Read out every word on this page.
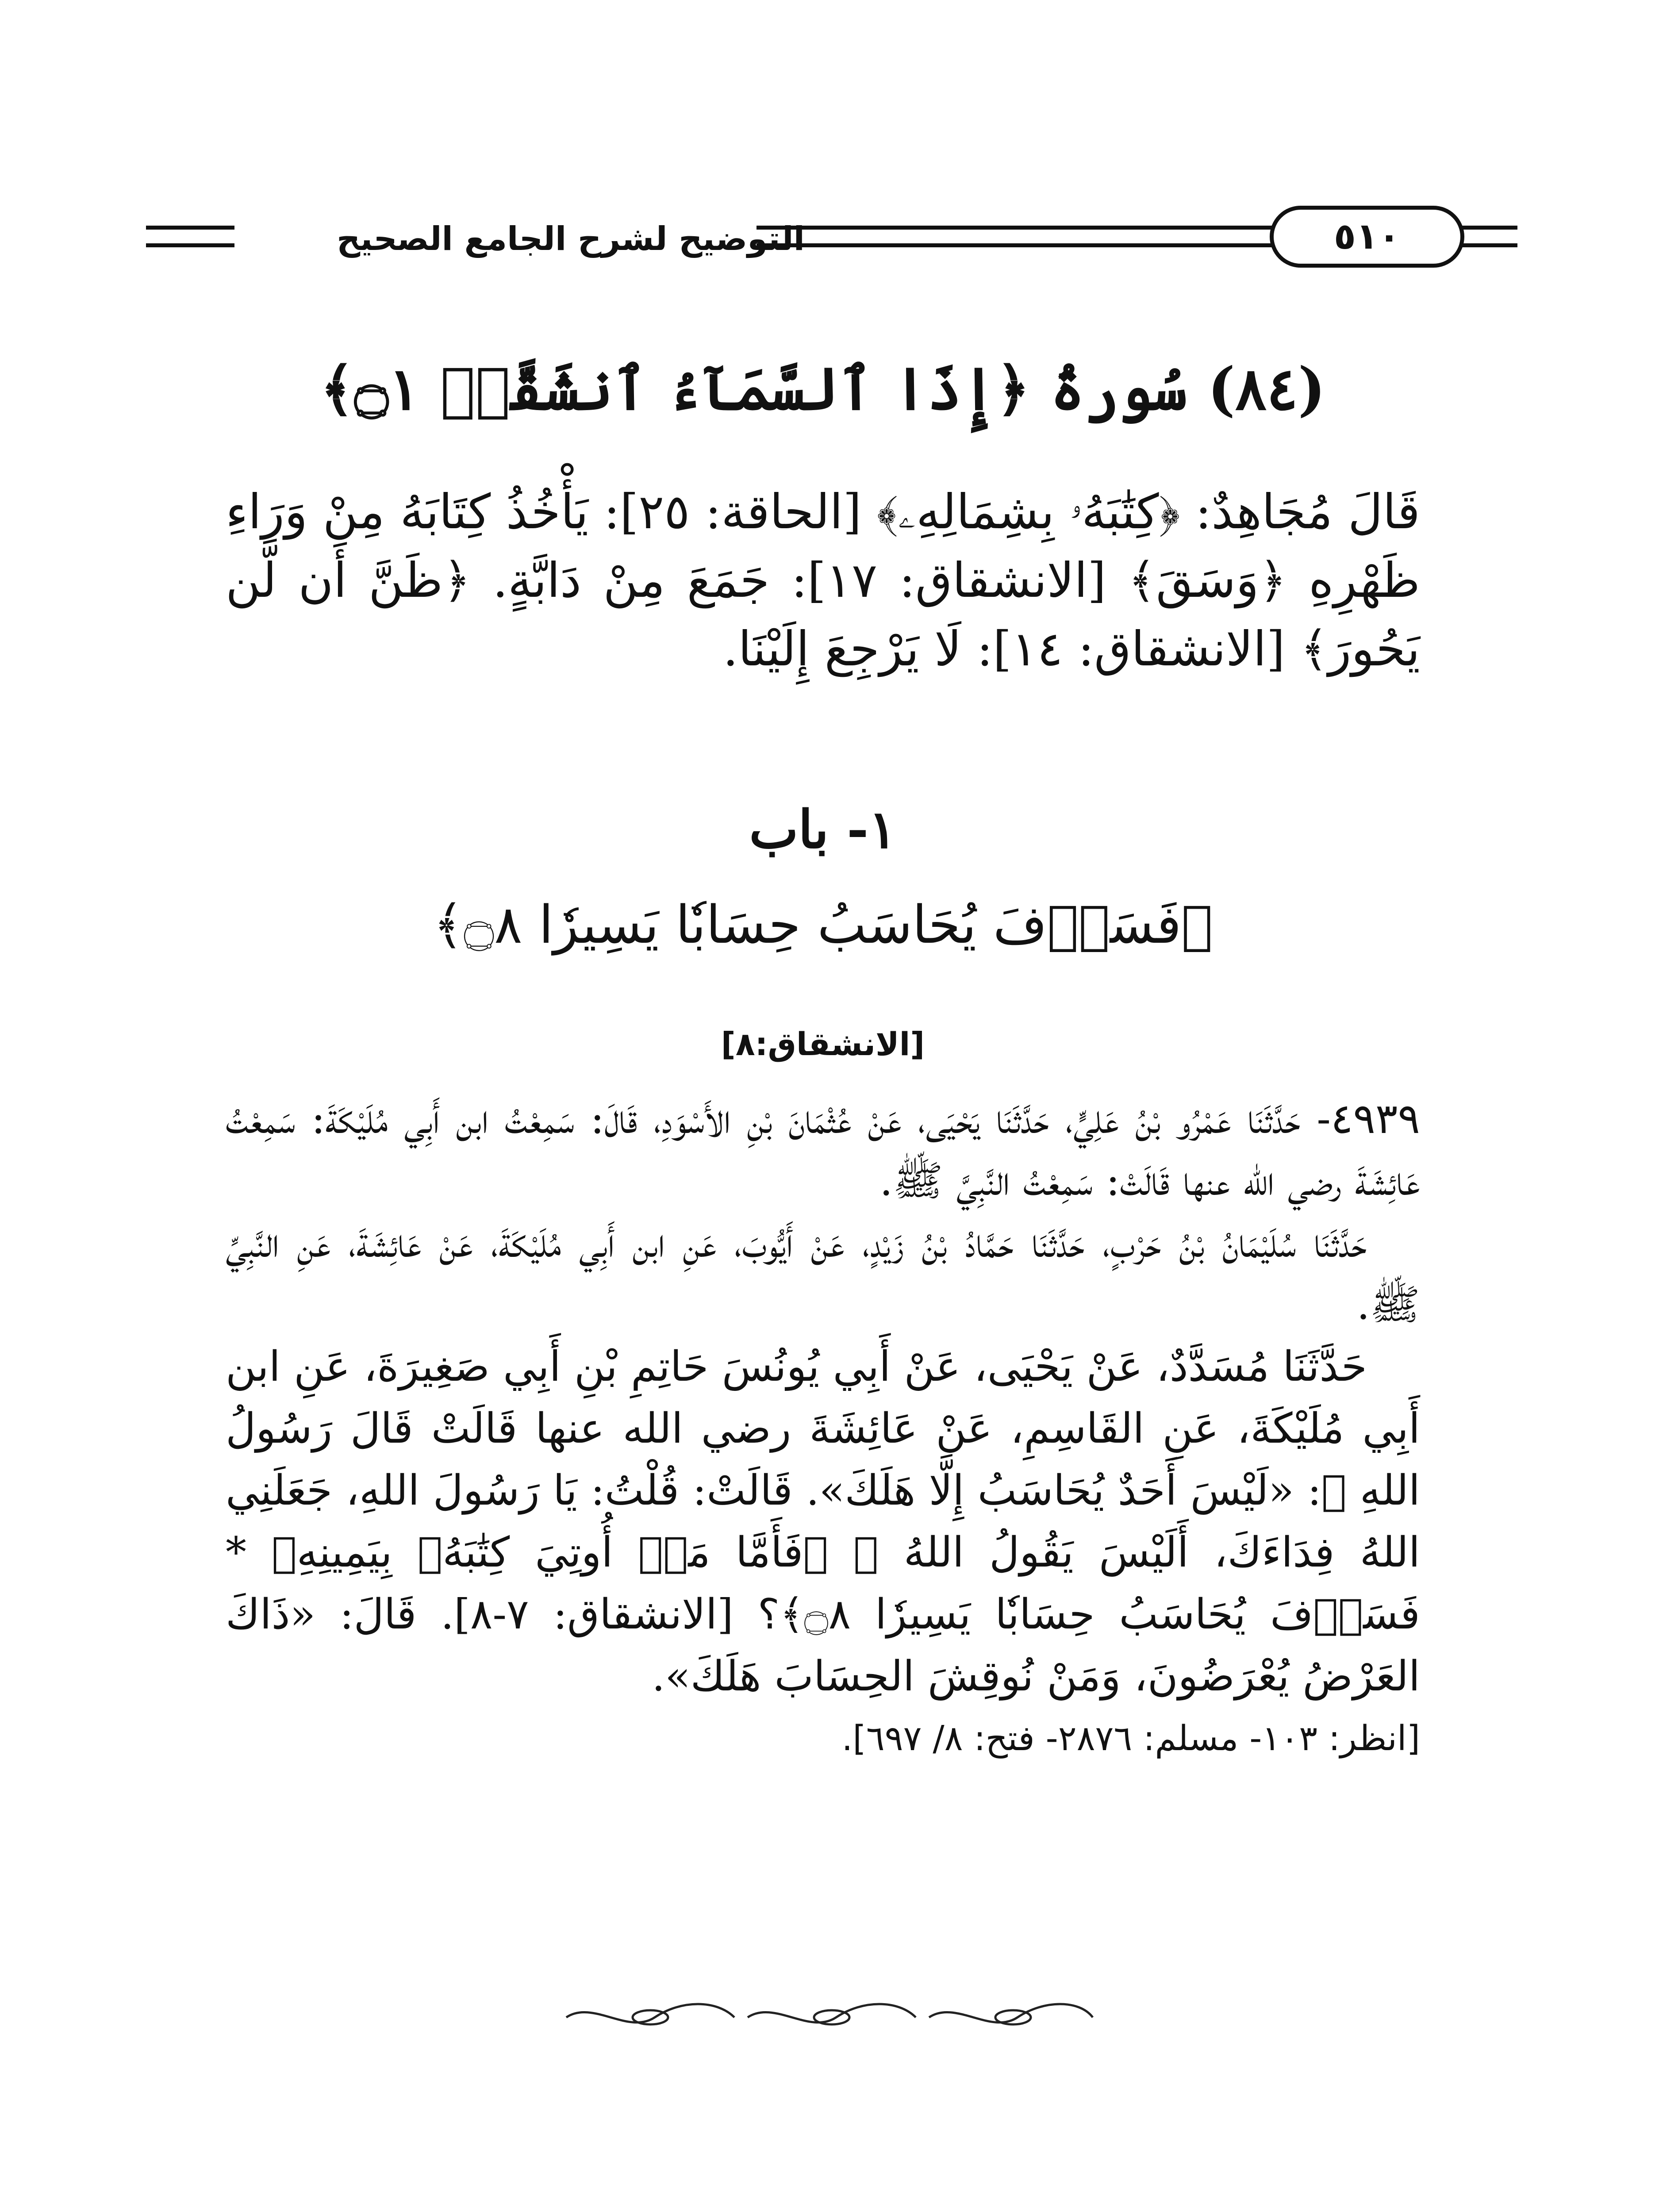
التوضيح لشرح الجامع الصحيح	٥١٠
(٨٤) سُورةُ ﴿إِذَا ٱلسَّمَآءُ ٱنشَقَّتۡ ۝١﴾
قَالَ مُجَاهِدٌ: ﴿كِتَٰبَهُۥ بِشِمَالِهِۦ﴾ [الحاقة: ٢٥]: يَأْخُذُ كِتَابَهُ مِنْ وَرَاءِ ظَهْرِهِ ﴿وَسَقَ﴾ [الانشقاق: ١٧]: جَمَعَ مِنْ دَابَّةٍ. ﴿ظَنَّ أَن لَّن يَحُورَ﴾ [الانشقاق: ١٤]: لَا يَرْجِعَ إِلَيْنَا.
١- باب
﴿فَسَوۡفَ يُحَاسَبُ حِسَابٗا يَسِيرٗا ۝٨﴾
[الانشقاق:٨]

٤٩٣٩- حَدَّثَنَا عَمْرُو بْنُ عَلِيٍّ، حَدَّثَنَا يَحْيَى، عَنْ عُثْمَانَ بْنِ الأَسْوَدِ، قَالَ: سَمِعْتُ ابن أَبِي مُلَيْكَةَ: سَمِعْتُ عَائِشَةَ رضي الله عنها قَالَتْ: سَمِعْتُ النَّبِيَّ ﷺ.

حَدَّثَنَا سُلَيْمَانُ بْنُ حَرْبٍ، حَدَّثَنَا حَمَّادُ بْنُ زَيْدٍ، عَنْ أَيُّوبَ، عَنِ ابن أَبِي مُلَيْكَةَ، عَنْ عَائِشَةَ، عَنِ النَّبِيِّ ﷺ.

حَدَّثَنَا مُسَدَّدٌ، عَنْ يَحْيَى، عَنْ أَبِي يُونُسَ حَاتِمِ بْنِ أَبِي صَغِيرَةَ، عَنِ ابن أَبِي مُلَيْكَةَ، عَنِ القَاسِمِ، عَنْ عَائِشَةَ رضي الله عنها قَالَتْ قَالَ رَسُولُ اللهِ ﷺ: «لَيْسَ أَحَدٌ يُحَاسَبُ إِلَّا هَلَكَ». قَالَتْ: قُلْتُ: يَا رَسُولَ اللهِ، جَعَلَنِي اللهُ فِدَاءَكَ، أَلَيْسَ يَقُولُ اللهُ ﷻ ﴿فَأَمَّا مَنۡ أُوتِيَ كِتَٰبَهُۥ بِيَمِينِهِۦ * فَسَوۡفَ يُحَاسَبُ حِسَابٗا يَسِيرٗا ۝٨﴾؟ [الانشقاق: ٧-٨]. قَالَ: «ذَاكَ العَرْضُ يُعْرَضُونَ، وَمَنْ نُوقِشَ الحِسَابَ هَلَكَ».

[انظر: ١٠٣- مسلم: ٢٨٧٦- فتح: ٨/ ٦٩٧].
